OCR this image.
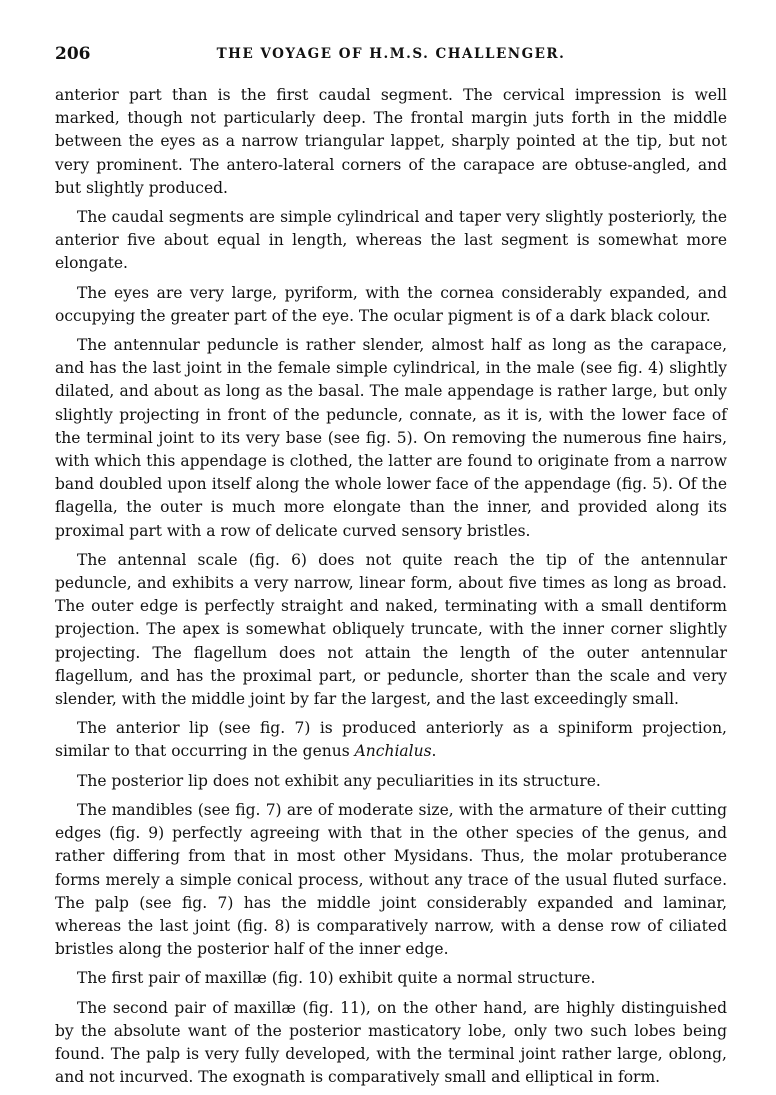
206	THE VOYAGE OF H.M.S. CHALLENGER.

anterior part than is the first caudal segment. The cervical impression is well marked, though not particularly deep. The frontal margin juts forth in the middle between the eyes as a narrow triangular lappet, sharply pointed at the tip, but not very prominent. The antero-lateral corners of the carapace are obtuse-angled, and but slightly produced.

The caudal segments are simple cylindrical and taper very slightly posteriorly, the anterior five about equal in length, whereas the last segment is somewhat more elongate.

The eyes are very large, pyriform, with the cornea considerably expanded, and occupying the greater part of the eye. The ocular pigment is of a dark black colour.

The antennular peduncle is rather slender, almost half as long as the carapace, and has the last joint in the female simple cylindrical, in the male (see fig. 4) slightly dilated, and about as long as the basal. The male appendage is rather large, but only slightly projecting in front of the peduncle, connate, as it is, with the lower face of the terminal joint to its very base (see fig. 5). On removing the numerous fine hairs, with which this appendage is clothed, the latter are found to originate from a narrow band doubled upon itself along the whole lower face of the appendage (fig. 5). Of the flagella, the outer is much more elongate than the inner, and provided along its proximal part with a row of delicate curved sensory bristles.

The antennal scale (fig. 6) does not quite reach the tip of the antennular peduncle, and exhibits a very narrow, linear form, about five times as long as broad. The outer edge is perfectly straight and naked, terminating with a small dentiform projection. The apex is somewhat obliquely truncate, with the inner corner slightly projecting. The flagellum does not attain the length of the outer antennular flagellum, and has the proximal part, or peduncle, shorter than the scale and very slender, with the middle joint by far the largest, and the last exceedingly small.

The anterior lip (see fig. 7) is produced anteriorly as a spiniform projection, similar to that occurring in the genus Anchialus.

The posterior lip does not exhibit any peculiarities in its structure.

The mandibles (see fig. 7) are of moderate size, with the armature of their cutting edges (fig. 9) perfectly agreeing with that in the other species of the genus, and rather differing from that in most other Mysidans. Thus, the molar protuberance forms merely a simple conical process, without any trace of the usual fluted surface. The palp (see fig. 7) has the middle joint considerably expanded and laminar, whereas the last joint (fig. 8) is comparatively narrow, with a dense row of ciliated bristles along the posterior half of the inner edge.

The first pair of maxillæ (fig. 10) exhibit quite a normal structure.

The second pair of maxillæ (fig. 11), on the other hand, are highly distinguished by the absolute want of the posterior masticatory lobe, only two such lobes being found. The palp is very fully developed, with the terminal joint rather large, oblong, and not incurved. The exognath is comparatively small and elliptical in form.
